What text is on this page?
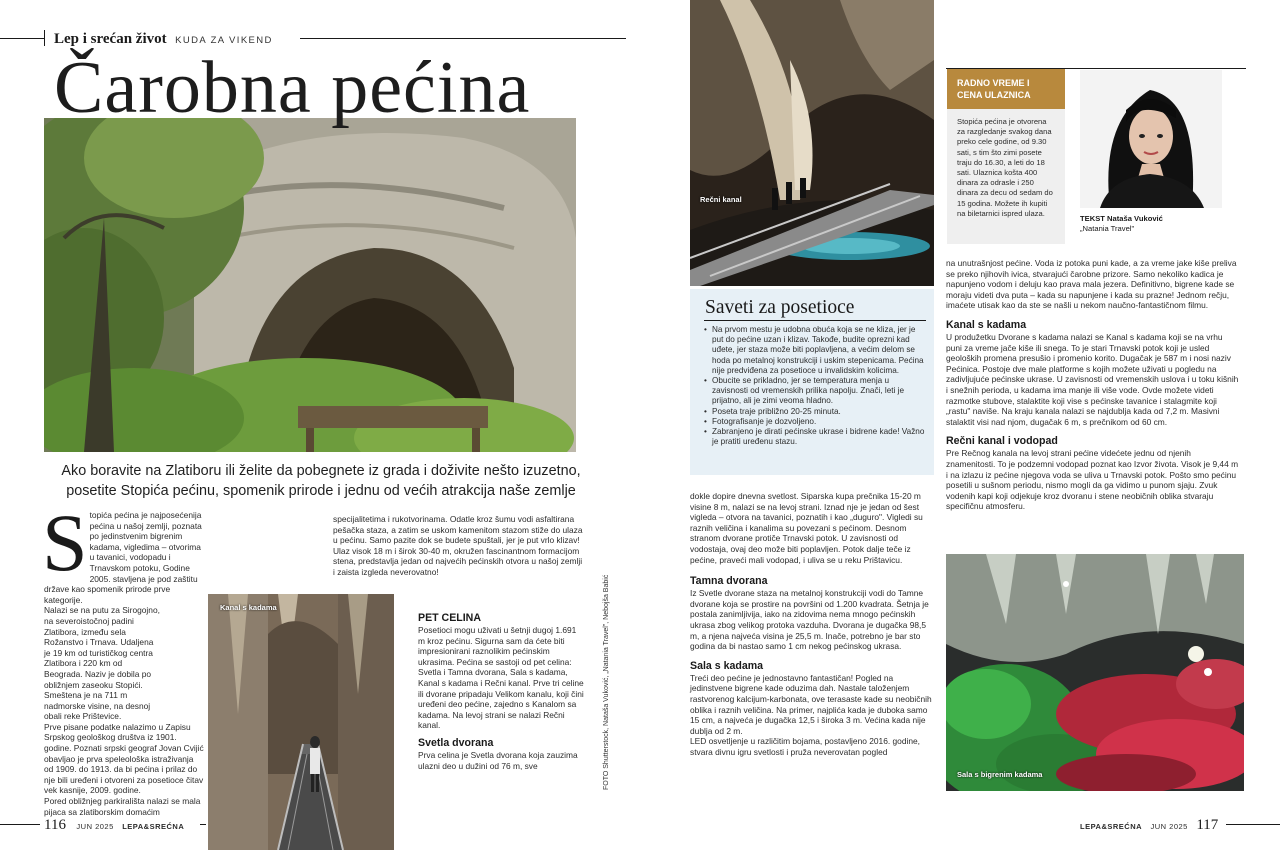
Lep i srećan život KUDA ZA VIKEND
Čarobna pećina
Ako boravite na Zlatiboru ili želite da pobegnete iz grada i doživite nešto izuzetno, posetite Stopića pećinu, spomenik prirode i jednu od većih atrakcija naše zemlje
S topića pećina je najposećenija pećina u našoj zemlji, poznata po jedinstvenim bigrenim kadama, vigledima – otvorima u tavanici, vodopadu i Trnavskom potoku, Godine 2005. stavljena je pod zaštitu države kao spomenik prirode prve kategorije.

Nalazi se na putu za Sirogojno, na severoistočnoj padini Zlatibora, između sela Rožanstvo i Trnava. Udaljena je 19 km od turističkog centra Zlatibora i 220 km od Beograda. Naziv je dobila po obližnjem zaseoku Stopići. Smeštena je na 711 m nadmorske visine, na desnoj obali reke Prištevice.

Prve pisane podatke nalazimo u Zapisu Srpskog geološkog društva iz 1901. godine. Poznati srpski geograf Jovan Cvijić obavljao je prva speleološka istraživanja od 1909. do 1913. da bi pećina i prilaz do nje bili uređeni i otvoreni za posetioce čitav vek kasnije, 2009. godine.

Pored obližnjeg parkirališta nalazi se mala pijaca sa zlatiborskim domaćim

Kanal s kadama

specijalitetima i rukotvorinama. Odatle kroz šumu vodi asfaltirana pešačka staza, a zatim se uskom kamenitom stazom stiže do ulaza u pećinu. Samo pazite dok se budete spuštali, jer je put vrlo klizav!

Ulaz visok 18 m i širok 30-40 m, okružen fascinantnom formacijom stena, predstavlja jedan od najvećih pećinskih otvora u našoj zemlji i zaista izgleda neverovatno!

PET CELINA

Posetioci mogu uživati u šetnji dugoj 1.691 m kroz pećinu. Sigurna sam da ćete biti impresionirani raznolikim pećinskim ukrasima. Pećina se sastoji od pet celina: Svetla i Tamna dvorana, Sala s kadama, Kanal s kadama i Rečni kanal. Prve tri celine ili dvorane pripadaju Velikom kanalu, koji čini uređeni deo pećine, zajedno s Kanalom sa kadama. Na levoj strani se nalazi Rečni kanal.

Svetla dvorana

Prva celina je Svetla dvorana koja zauzima ulazni deo u dužini od 76 m, sve	FOTO Shutterstock, Nataša Vuković, „Natania Travel", Nebojša Babić
116 JUN 2025 LEPA&SREĆNA
Rečni kanal
Saveti za posetioce
• Na prvom mestu je udobna obuća koja se ne kliza, jer je put do pećine uzan i klizav. Takođe, budite oprezni kad uđete, jer staza može biti poplavljena, a većim delom se hoda po metalnoj konstrukciji i uskim stepenicama. Pećina nije predviđena za posetioce u invalidskim kolicima.
• Obucite se prikladno, jer se temperatura menja u zavisnosti od vremenskih prilika napolju. Znači, leti je prijatno, ali je zimi veoma hladno.
• Poseta traje približno 20-25 minuta.
• Fotografisanje je dozvoljeno.
• Zabranjeno je dirati pećinske ukrase i bidrene kade! Važno je pratiti uređenu stazu.

dokle dopire dnevna svetlost. Siparska kupa prečnika 15-20 m visine 8 m, nalazi se na levoj strani. Iznad nje je jedan od šest vigleda – otvora na tavanici, poznatih i kao „duguro". Vigledi su raznih veličina i kanalima su povezani s pećinom. Desnom stranom dvorane protiče Trnavski potok. U zavisnosti od vodostaja, ovaj deo može biti poplavljen. Potok dalje teče iz pećine, praveći mali vodopad, i uliva se u reku Prištavicu.

Tamna dvorana

Iz Svetle dvorane staza na metalnoj konstrukciji vodi do Tamne dvorane koja se prostire na površini od 1.200 kvadrata. Šetnja je postala zanimljivija, iako na zidovima nema mnogo pećinskih ukrasa zbog velikog protoka vazduha. Dvorana je dugačka 98,5 m, a njena najveća visina je 25,5 m. Inače, potrebno je bar sto godina da bi nastao samo 1 cm nekog pećinskog ukrasa.

Sala s kadama

Treći deo pećine je jednostavno fantastičan! Pogled na jedinstvene bigrene kade oduzima dah. Nastale taloženjem rastvorenog kalcijum-karbonata, ove terasaste kade su neobičnih oblika i raznih veličina. Na primer, najplića kada je duboka samo 15 cm, a najveća je dugačka 12,5 i široka 3 m. Većina kada nije dublja od 2 m.

LED osvetljenje u različitim bojama, postavljeno 2016. godine, stvara divnu igru svetlosti i pruža neverovatan pogled

RADNO VREME I CENA ULAZNICA
Stopića pećina je otvorena za razgledanje svakog dana preko cele godine, od 9.30 sati, s tim što zimi posete traju do 16.30, a leti do 18 sati. Ulaznica košta 400 dinara za odrasle i 250 dinara za decu od sedam do 15 godina. Možete ih kupiti na biletarnici ispred ulaza.
TEKST Nataša Vuković
„Natania Travel"

na unutrašnjost pećine. Voda iz potoka puni kade, a za vreme jake kiše preliva se preko njihovih ivica, stvarajući čarobne prizore. Samo nekoliko kadica je napunjeno vodom i deluju kao prava mala jezera. Definitivno, bigrene kade se moraju videti dva puta – kada su napunjene i kada su prazne! Jednom rečju, imaćete utisak kao da ste se našli u nekom naučno-fantastičnom filmu.

Kanal s kadama

U produžetku Dvorane s kadama nalazi se Kanal s kadama koji se na vrhu puni za vreme jače kiše ili snega. To je stari Trnavski potok koji je usled geoloških promena presušio i promenio korito. Dugačak je 587 m i nosi naziv Pećinica. Postoje dve male platforme s kojih možete uživati u pogledu na zadivljujuće pećinske ukrase. U zavisnosti od vremenskih uslova i u toku kišnih i snežnih perioda, u kadama ima manje ili više vode. Ovde možete videti razmotke stubove, stalaktite koji vise s pećinske tavanice i stalagmite koji „rastu" naviše. Na kraju kanala nalazi se najdublja kada od 7,2 m. Masivni stalaktit visi nad njom, dugačak 6 m, s prečnikom od 60 cm.

Rečni kanal i vodopad

Pre Rečnog kanala na levoj strani pećine videćete jednu od njenih znamenitosti. To je podzemni vodopad poznat kao Izvor života. Visok je 9,44 m i na izlazu iz pećine njegova voda se uliva u Trnavski potok. Pošto smo pećinu posetili u sušnom periodu, nismo mogli da ga vidimo u punom sjaju. Zvuk vodenih kapi koji odjekuje kroz dvoranu i stene neobičnih oblika stvaraju specifičnu atmosferu.

Sala s bigrenim kadama
LEPA&SREĆNA JUN 2025 117
